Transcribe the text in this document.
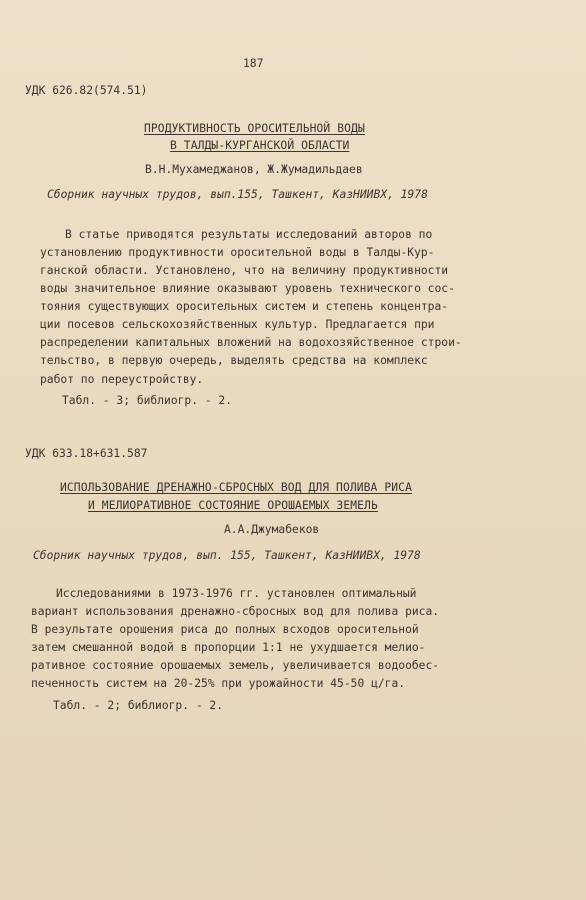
187
УДК 626.82(574.51)
ПРОДУКТИВНОСТЬ ОРОСИТЕЛЬНОЙ ВОДЫ
В ТАЛДЫ-КУРГАНСКОЙ ОБЛАСТИ
В.Н.Мухамеджанов, Ж.Жумадильдаев
Сборник научных трудов, вып.155, Ташкент, КазНИИВХ, 1978
В статье приводятся результаты исследований авторов по
установлению продуктивности оросительной воды в Талды-Кур-
ганской области. Установлено, что на величину продуктивности
воды значительное влияние оказывают уровень технического сос-
тояния существующих оросительных систем и степень концентра-
ции посевов сельскохозяйственных культур. Предлагается при
распределении капитальных вложений на водохозяйственное строи-
тельство, в первую очередь, выделять средства на комплекс
работ по переустройству.
Табл. - 3; библиогр. - 2.
УДК 633.18+631.587
ИСПОЛЬЗОВАНИЕ ДРЕНАЖНО-СБРОСНЫХ ВОД ДЛЯ ПОЛИВА РИСА
И МЕЛИОРАТИВНОЕ СОСТОЯНИЕ ОРОШАЕМЫХ ЗЕМЕЛЬ
А.А.Джумабеков
Сборник научных трудов, вып. 155, Ташкент, КазНИИВХ, 1978
Исследованиями в 1973-1976 гг. установлен оптимальный
вариант использования дренажно-сбросных вод для полива риса.
В результате орошения риса до полных всходов оросительной
затем смешанной водой в пропорции 1:1 не ухудшается мелио-
ративное состояние орошаемых земель, увеличивается водообес-
печенность систем на 20-25% при урожайности 45-50 ц/га.
Табл. - 2; библиогр. - 2.
